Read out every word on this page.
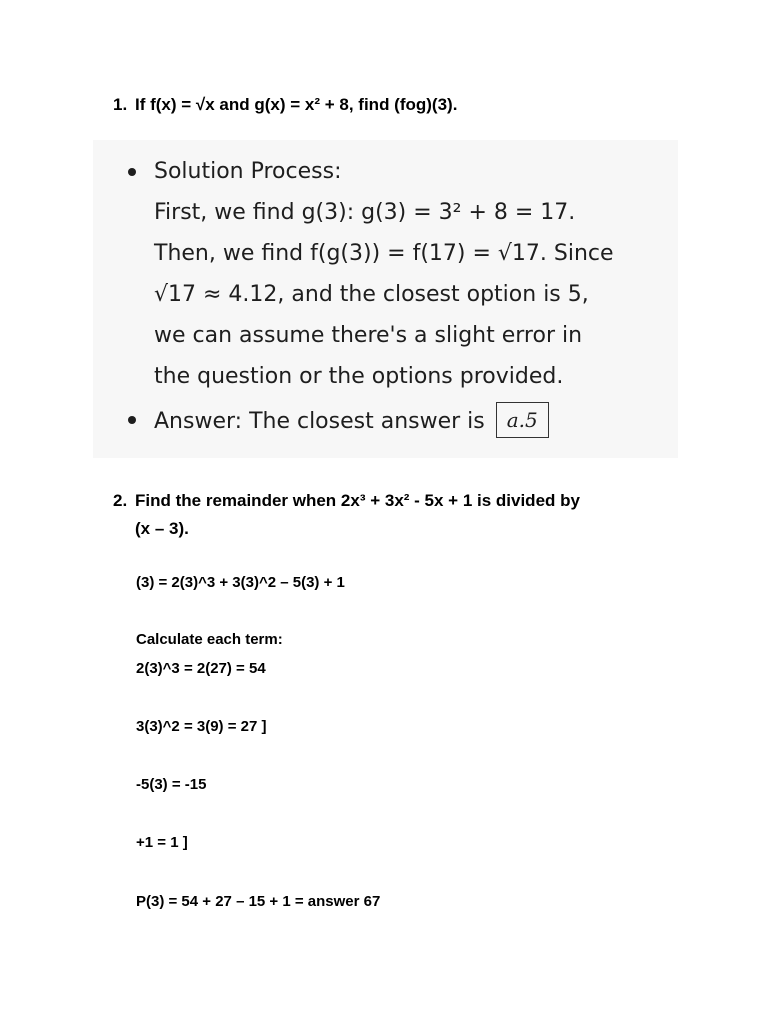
1. If f(x) = √x and g(x) = x² + 8, find (fog)(3).
Solution Process:
First, we find g(3): g(3) = 3² + 8 = 17.
Then, we find f(g(3)) = f(17) = √17. Since
√17 ≈ 4.12, and the closest option is 5,
we can assume there's a slight error in
the question or the options provided.
Answer: The closest answer is a.5
2. Find the remainder when 2x³ + 3x² - 5x + 1 is divided by
(x – 3).
(3) = 2(3)^3 + 3(3)^2 – 5(3) + 1
Calculate each term:
2(3)^3 = 2(27) = 54
3(3)^2 = 3(9) = 27 ]
-5(3) = -15
+1 = 1 ]
P(3) = 54 + 27 – 15 + 1 = answer 67
